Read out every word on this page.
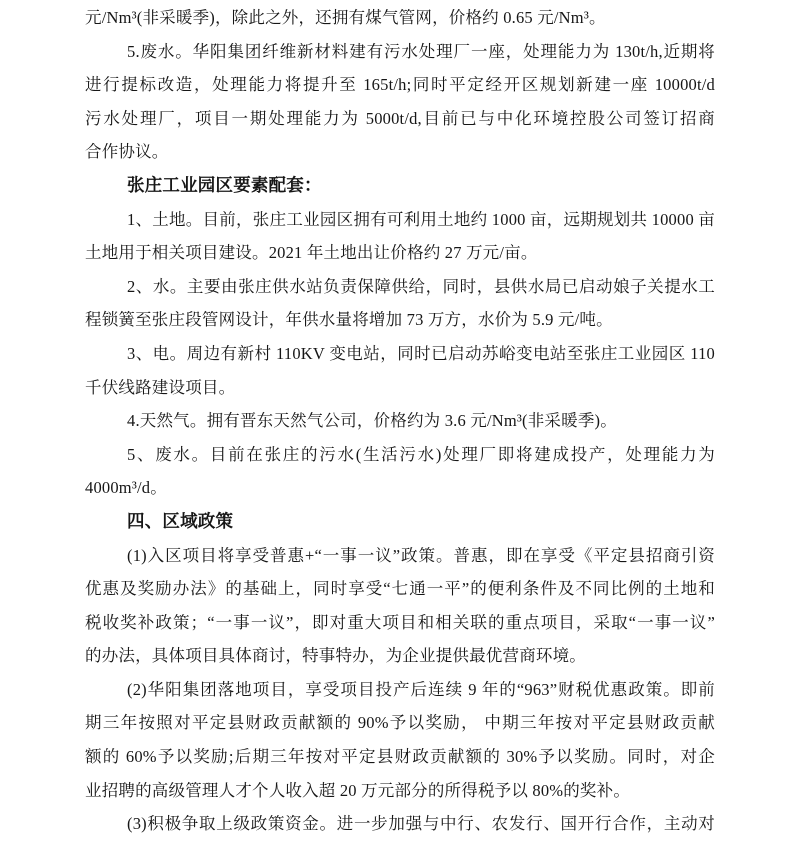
元/Nm³(非采暖季)，除此之外，还拥有煤气管网，价格约 0.65 元/Nm³。
5.废水。华阳集团纤维新材料建有污水处理厂一座，处理能力为 130t/h,近期将
进行提标改造，处理能力将提升至 165t/h;同时平定经开区规划新建一座 10000t/d
污水处理厂，项目一期处理能力为 5000t/d,目前已与中化环境控股公司签订招商
合作协议。
张庄工业园区要素配套：
1、土地。目前，张庄工业园区拥有可利用土地约 1000 亩，远期规划共 10000 亩
土地用于相关项目建设。2021 年土地出让价格约 27 万元/亩。
2、水。主要由张庄供水站负责保障供给，同时，县供水局已启动娘子关提水工
程锁簧至张庄段管网设计，年供水量将增加 73 万方，水价为 5.9 元/吨。
3、电。周边有新村 110KV 变电站，同时已启动苏峪变电站至张庄工业园区 110
千伏线路建设项目。
4.天然气。拥有晋东天然气公司，价格约为 3.6 元/Nm³(非采暖季)。
5、废水。目前在张庄的污水(生活污水)处理厂即将建成投产，处理能力为
4000m³/d。
四、区域政策
(1)入区项目将享受普惠+“一事一议”政策。普惠，即在享受《平定县招商引资
优惠及奖励办法》的基础上，同时享受“七通一平”的便利条件及不同比例的土地和
税收奖补政策；“一事一议”，即对重大项目和相关联的重点项目，采取“一事一议”
的办法，具体项目具体商讨，特事特办，为企业提供最优营商环境。
(2)华阳集团落地项目，享受项目投产后连续 9 年的“963”财税优惠政策。即前
期三年按照对平定县财政贡献额的 90%予以奖励， 中期三年按对平定县财政贡献
额的 60%予以奖励;后期三年按对平定县财政贡献额的 30%予以奖励。同时，对企
业招聘的高级管理人才个人收入超 20 万元部分的所得税予以 80%的奖补。
(3)积极争取上级政策资金。进一步加强与中行、农发行、国开行合作，主动对
